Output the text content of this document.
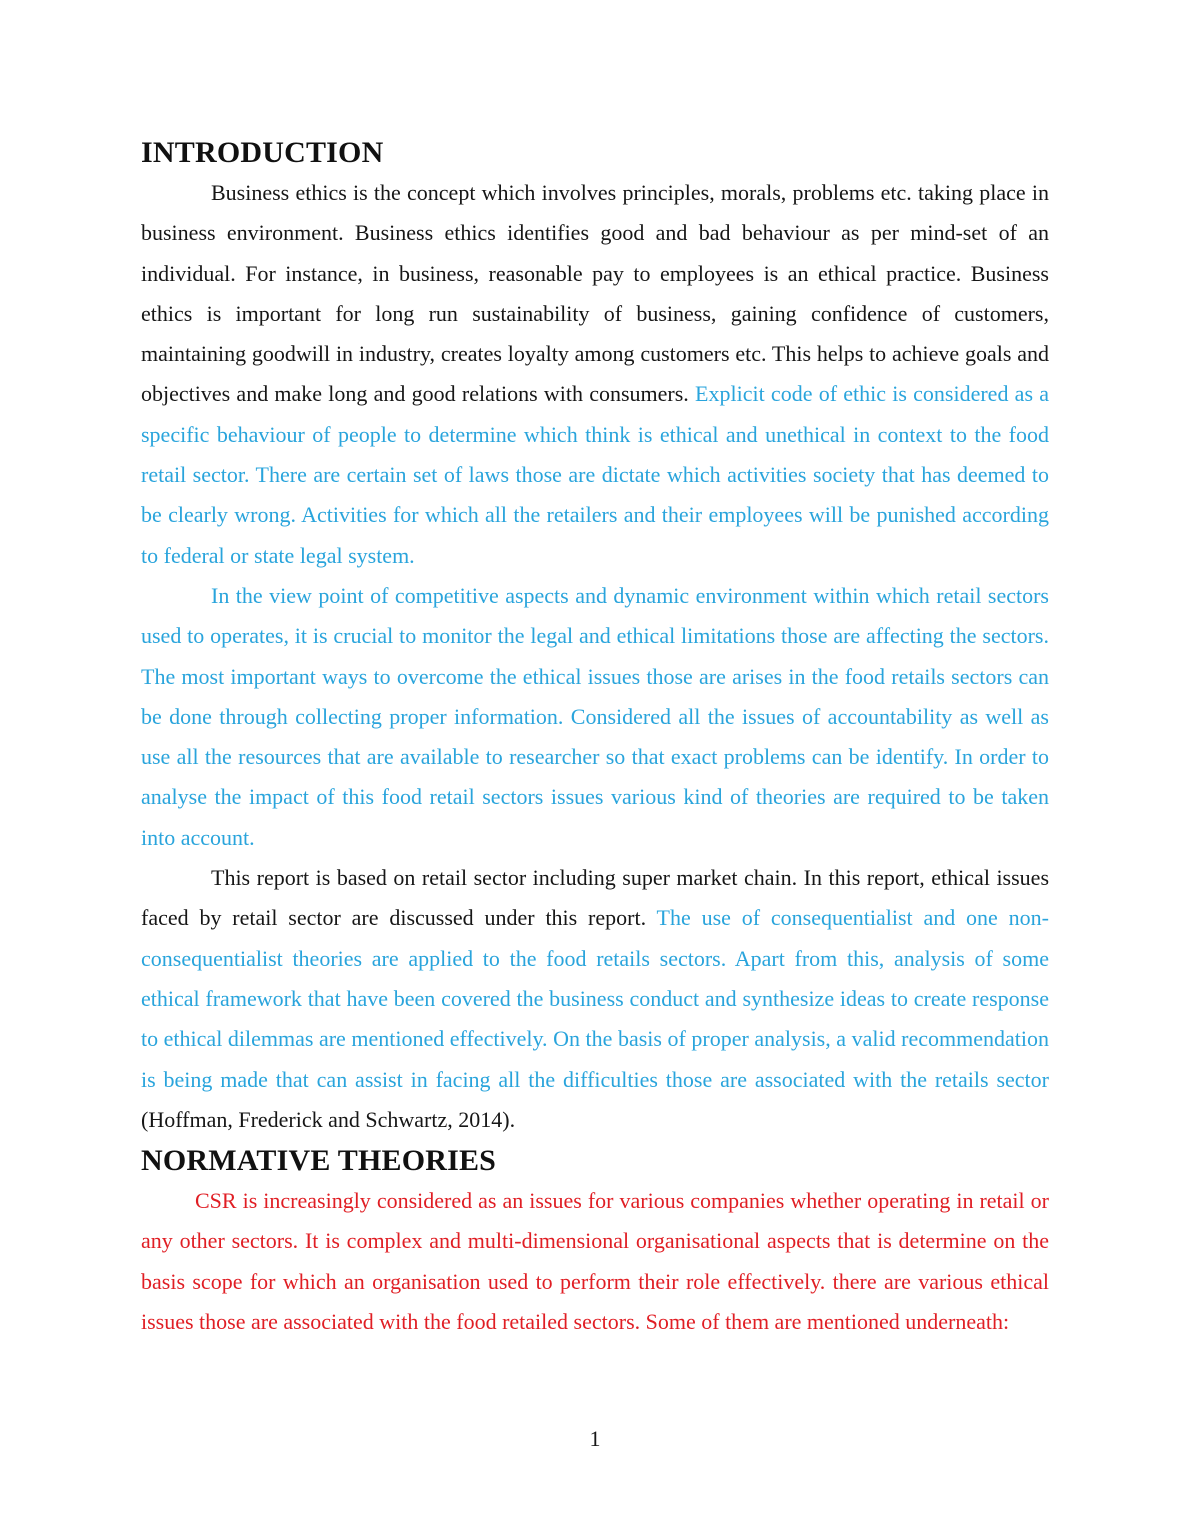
INTRODUCTION

Business ethics is the concept which involves principles, morals, problems etc. taking place in business environment. Business ethics identifies good and bad behaviour as per mind-set of an individual. For instance, in business, reasonable pay to employees is an ethical practice. Business ethics is important for long run sustainability of business, gaining confidence of customers, maintaining goodwill in industry, creates loyalty among customers etc. This helps to achieve goals and objectives and make long and good relations with consumers. Explicit code of ethic is considered as a specific behaviour of people to determine which think is ethical and unethical in context to the food retail sector. There are certain set of laws those are dictate which activities society that has deemed to be clearly wrong. Activities for which all the retailers and their employees will be punished according to federal or state legal system.

In the view point of competitive aspects and dynamic environment within which retail sectors used to operates, it is crucial to monitor the legal and ethical limitations those are affecting the sectors. The most important ways to overcome the ethical issues those are arises in the food retails sectors can be done through collecting proper information. Considered all the issues of accountability as well as use all the resources that are available to researcher so that exact problems can be identify. In order to analyse the impact of this food retail sectors issues various kind of theories are required to be taken into account.

This report is based on retail sector including super market chain. In this report, ethical issues faced by retail sector are discussed under this report. The use of consequentialist and one non-consequentialist theories are applied to the food retails sectors. Apart from this, analysis of some ethical framework that have been covered the business conduct and synthesize ideas to create response to ethical dilemmas are mentioned effectively. On the basis of proper analysis, a valid recommendation is being made that can assist in facing all the difficulties those are associated with the retails sector (Hoffman, Frederick and Schwartz, 2014).

NORMATIVE THEORIES

CSR is increasingly considered as an issues for various companies whether operating in retail or any other sectors. It is complex and multi-dimensional organisational aspects that is determine on the basis scope for which an organisation used to perform their role effectively. there are various ethical issues those are associated with the food retailed sectors. Some of them are mentioned underneath:

1
